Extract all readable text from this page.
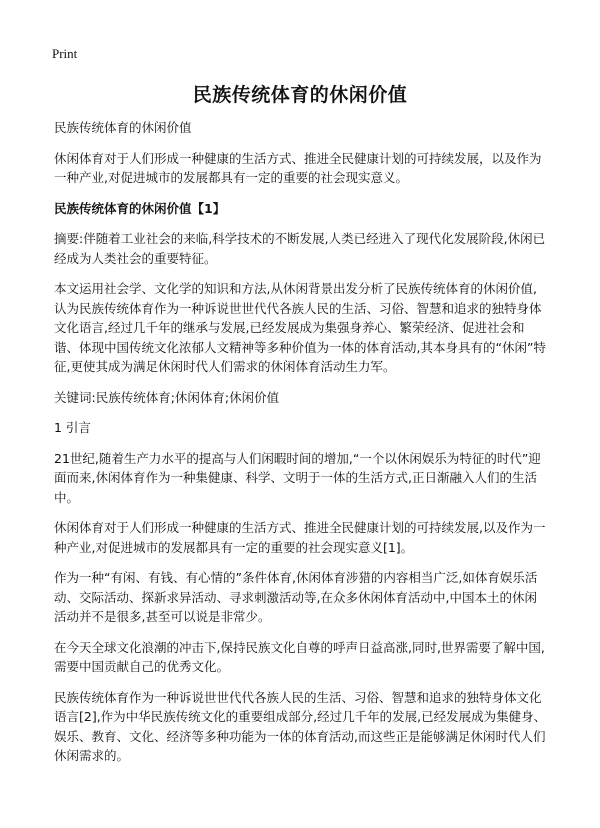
Print
民族传统体育的休闲价值

民族传统体育的休闲价值

休闲体育对于人们形成一种健康的生活方式、推进全民健康计划的可持续发展，以及作为一种产业,对促进城市的发展都具有一定的重要的社会现实意义。

民族传统体育的休闲价值【1】

摘要:伴随着工业社会的来临,科学技术的不断发展,人类已经进入了现代化发展阶段,休闲已经成为人类社会的重要特征。

本文运用社会学、文化学的知识和方法,从休闲背景出发分析了民族传统体育的休闲价值,认为民族传统体育作为一种诉说世世代代各族人民的生活、习俗、智慧和追求的独特身体文化语言,经过几千年的继承与发展,已经发展成为集强身养心、繁荣经济、促进社会和谐、体现中国传统文化浓郁人文精神等多种价值为一体的体育活动,其本身具有的“休闲”特征,更使其成为满足休闲时代人们需求的休闲体育活动生力军。

关键词:民族传统体育;休闲体育;休闲价值

1 引言

21世纪,随着生产力水平的提高与人们闲暇时间的增加,“一个以休闲娱乐为特征的时代”迎面而来,休闲体育作为一种集健康、科学、文明于一体的生活方式,正日渐融入人们的生活中。

休闲体育对于人们形成一种健康的生活方式、推进全民健康计划的可持续发展,以及作为一种产业,对促进城市的发展都具有一定的重要的社会现实意义[1]。

作为一种“有闲、有钱、有心情的”条件体育,休闲体育涉猎的内容相当广泛,如体育娱乐活动、交际活动、探新求异活动、寻求刺激活动等,在众多休闲体育活动中,中国本土的休闲活动并不是很多,甚至可以说是非常少。

在今天全球文化浪潮的冲击下,保持民族文化自尊的呼声日益高涨,同时,世界需要了解中国,需要中国贡献自己的优秀文化。

民族传统体育作为一种诉说世世代代各族人民的生活、习俗、智慧和追求的独特身体文化语言[2],作为中华民族传统文化的重要组成部分,经过几千年的发展,已经发展成为集健身、娱乐、教育、文化、经济等多种功能为一体的体育活动,而这些正是能够满足休闲时代人们休闲需求的。
